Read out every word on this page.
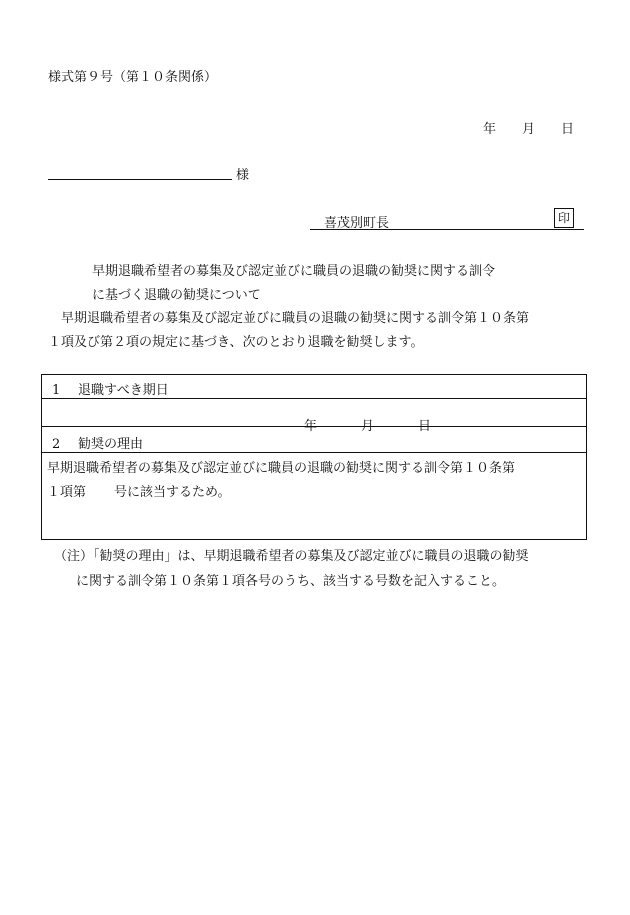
様式第９号（第１０条関係）
年 月 日
様
喜茂別町長	印
早期退職希望者の募集及び認定並びに職員の退職の勧奨に関する訓令
に基づく退職の勧奨について
早期退職希望者の募集及び認定並びに職員の退職の勧奨に関する訓令第１０条第
１項及び第２項の規定に基づき、次のとおり退職を勧奨します。
1 退職すべき期日
年	月	日
2 勧奨の理由
早期退職希望者の募集及び認定並びに職員の退職の勧奨に関する訓令第１０条第
１項第 号に該当するため。
（注）「勧奨の理由」は、早期退職希望者の募集及び認定並びに職員の退職の勧奨
に関する訓令第１０条第１項各号のうち、該当する号数を記入すること。
